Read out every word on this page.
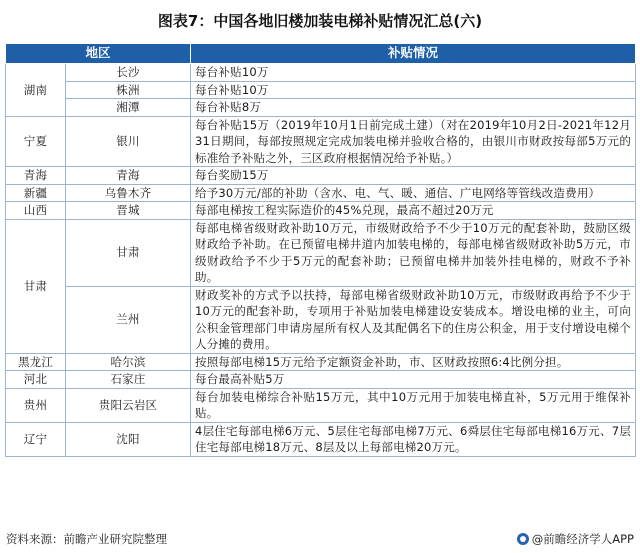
图表7：中国各地旧楼加装电梯补贴情况汇总(六)
地区		补贴情况
湖南	长沙	每台补贴10万
	株洲	每台补贴10万
	湘潭	每台补贴8万
宁夏	银川	每台补贴15万（2019年10月1日前完成土建）（对在2019年10月2日-2021年12月31日期间，每部按照规定完成加装电梯并验收合格的，由银川市财政按每部5万元的标准给予补贴之外，三区政府根据情况给予补贴。）
青海	青海	每台奖励15万
新疆	乌鲁木齐	给予30万元/部的补助（含水、电、气、暖、通信、广电网络等管线改造费用）
山西	晋城	每部电梯按工程实际造价的45%兑现，最高不超过20万元
甘肃	甘肃	每部电梯省级财政补助10万元，市级财政给予不少于10万元的配套补助，鼓励区级财政给予补助。在已预留电梯井道内加装电梯的，每部电梯省级财政补助5万元，市级财政给予不少于5万元的配套补助；已预留电梯井加装外挂电梯的，财政不予补助。
	兰州	财政奖补的方式予以扶持，每部电梯省级财政补助10万元，市级财政再给予不少于10万元的配套补助，专项用于补贴加装电梯建设安装成本。增设电梯的业主，可向公积金管理部门申请房屋所有权人及其配偶名下的住房公积金，用于支付增设电梯个人分摊的费用。
黑龙江	哈尔滨	按照每部电梯15万元给予定额资金补助，市、区财政按照6:4比例分担。
河北	石家庄	每台最高补贴5万
贵州	贵阳云岩区	每台加装电梯综合补贴15万元，其中10万元用于加装电梯直补，5万元用于维保补贴。
辽宁	沈阳	4层住宅每部电梯6万元、5层住宅每部电梯7万元、6舜层住宅每部电梯16万元、7层住宅每部电梯18万元、8层及以上每部电梯20万元。
资料来源：前瞻产业研究院整理	@前瞻经济学人APP
